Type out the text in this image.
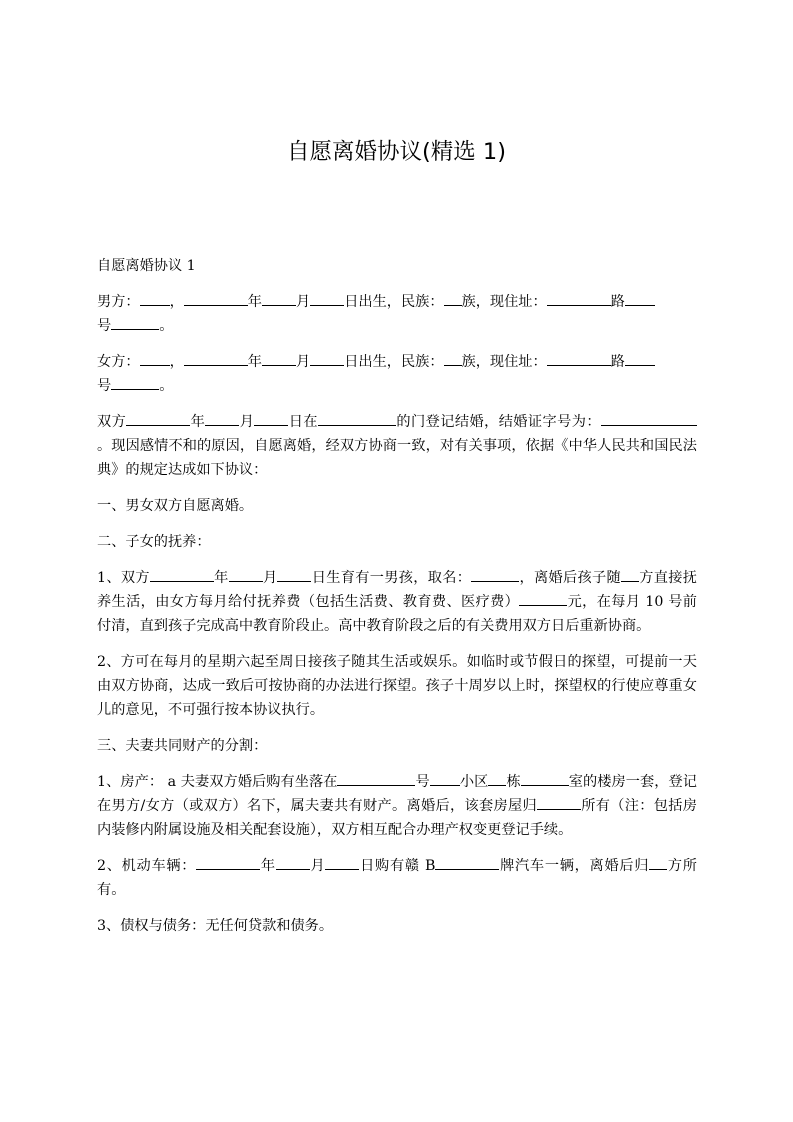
自愿离婚协议(精选 1)

自愿离婚协议 1

男方： ，	年 月 日出生，民族： 族，现住址：	路
号	。

女方： ，	年 月 日出生，民族： 族，现住址：	路
号	。

双方	年 月 日在	的门登记结婚，结婚证字号为：。现因感情不和的原因，自愿离婚，经双方协商一致，对有关事项，依据《中华人民共和国民法典》的规定达成如下协议：

一、男女双方自愿离婚。

二、子女的抚养：

1、双方	年 月 日生育有一男孩，取名：	，离婚后孩子随 方直接抚养生活，由女方每月给付抚养费（包括生活费、教育费、医疗费）	元，在每月 10 号前付清，直到孩子完成高中教育阶段止。高中教育阶段之后的有关费用双方日后重新协商。

2、方可在每月的星期六起至周日接孩子随其生活或娱乐。如临时或节假日的探望，可提前一天由双方协商，达成一致后可按协商的办法进行探望。孩子十周岁以上时，探望权的行使应尊重女儿的意见，不可强行按本协议执行。

三、夫妻共同财产的分割：

1、房产： a 夫妻双方婚后购有坐落在	号 小区 栋	室的楼房一套，登记在男方/女方（或双方）名下，属夫妻共有财产。离婚后，该套房屋归	所有（注：包括房内装修内附属设施及相关配套设施），双方相互配合办理产权变更登记手续。

2、机动车辆：	年 月 日购有赣 B	牌汽车一辆，离婚后归 方所有。

3、债权与债务：无任何贷款和债务。
